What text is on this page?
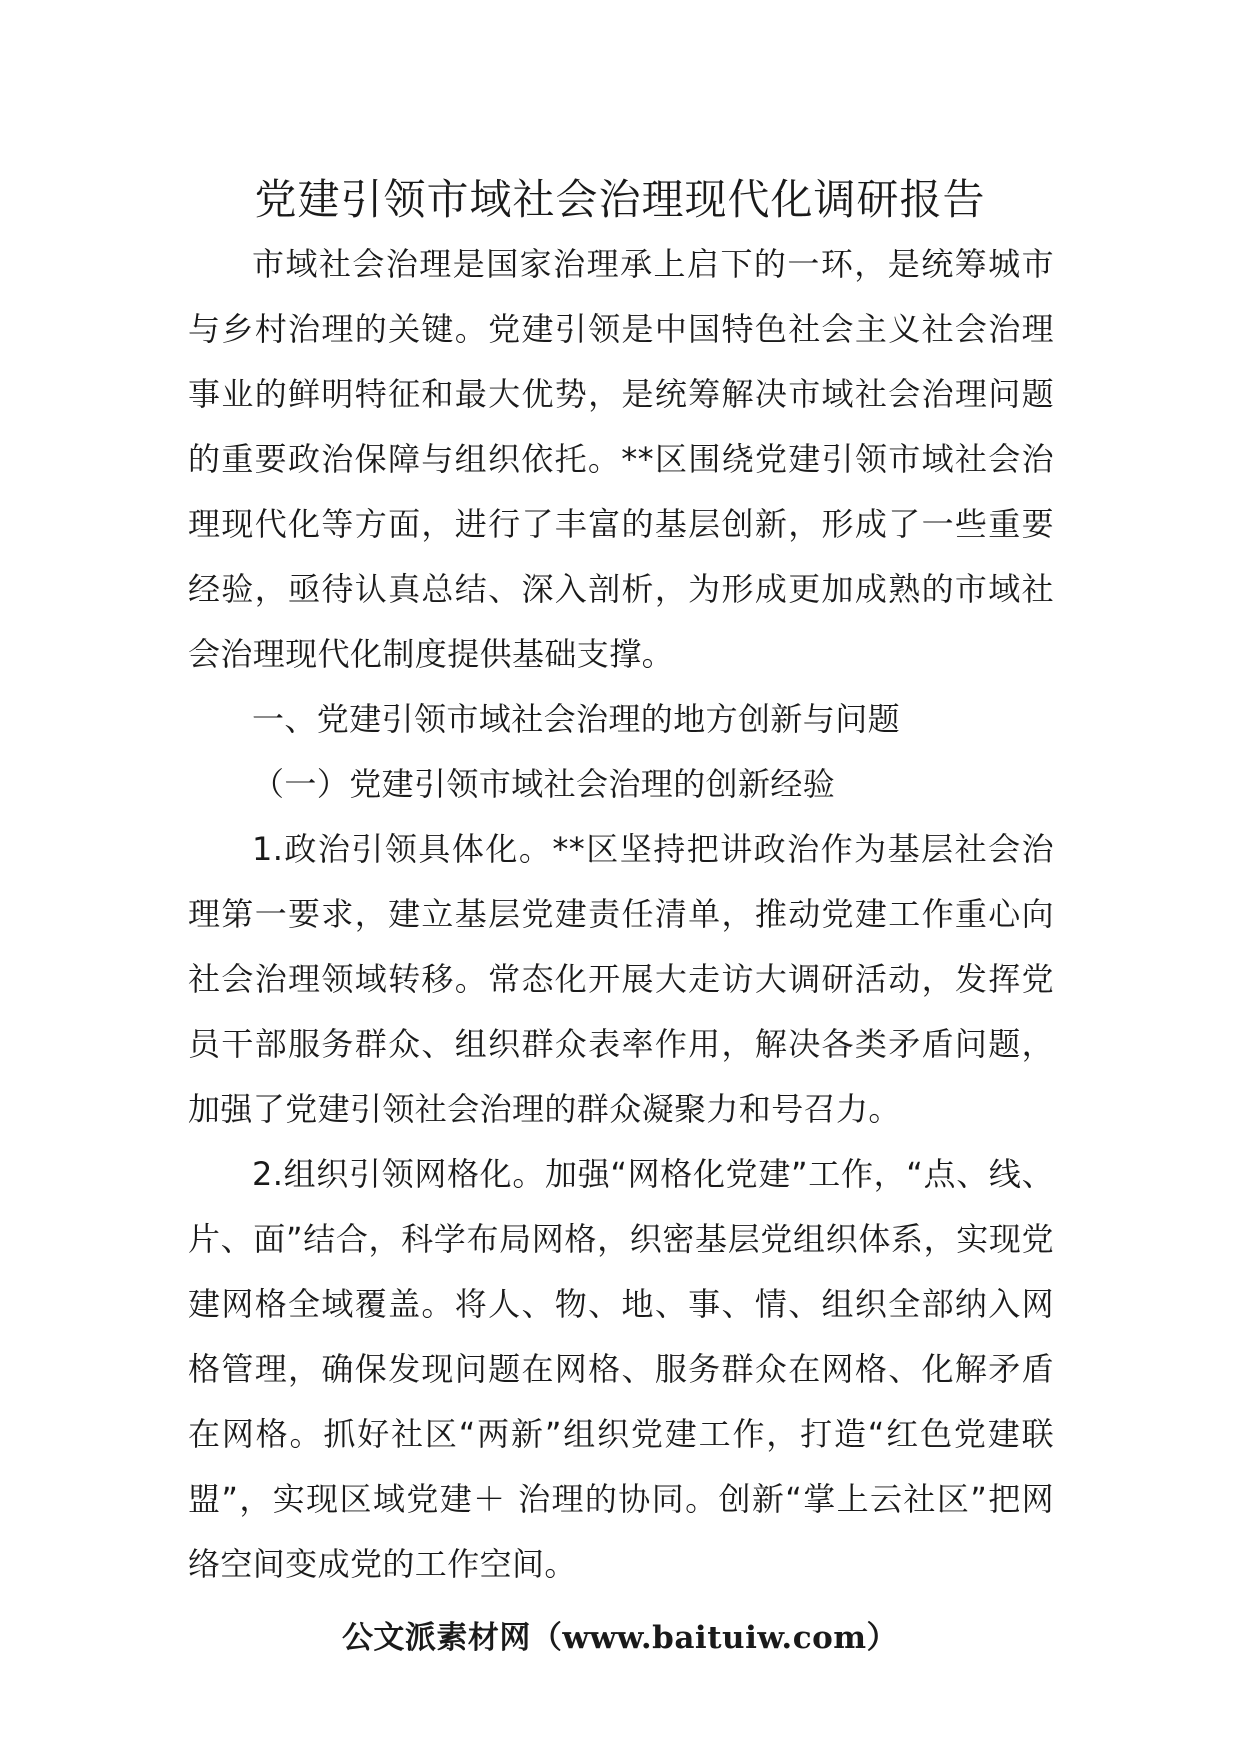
党建引领市域社会治理现代化调研报告

市域社会治理是国家治理承上启下的一环，是统筹城市与乡村治理的关键。党建引领是中国特色社会主义社会治理事业的鲜明特征和最大优势，是统筹解决市域社会治理问题的重要政治保障与组织依托。**区围绕党建引领市域社会治理现代化等方面，进行了丰富的基层创新，形成了一些重要经验，亟待认真总结、深入剖析，为形成更加成熟的市域社会治理现代化制度提供基础支撑。

一、党建引领市域社会治理的地方创新与问题

（一）党建引领市域社会治理的创新经验

1.政治引领具体化。**区坚持把讲政治作为基层社会治理第一要求，建立基层党建责任清单，推动党建工作重心向社会治理领域转移。常态化开展大走访大调研活动，发挥党员干部服务群众、组织群众表率作用，解决各类矛盾问题，加强了党建引领社会治理的群众凝聚力和号召力。

2.组织引领网格化。加强“网格化党建”工作，“点、线、片、面”结合，科学布局网格，织密基层党组织体系，实现党建网格全域覆盖。将人、物、地、事、情、组织全部纳入网格管理，确保发现问题在网格、服务群众在网格、化解矛盾在网格。抓好社区“两新”组织党建工作，打造“红色党建联盟”，实现区域党建＋ 治理的协同。创新“掌上云社区”把网络空间变成党的工作空间。

公文派素材网（www.baituiw.com）
